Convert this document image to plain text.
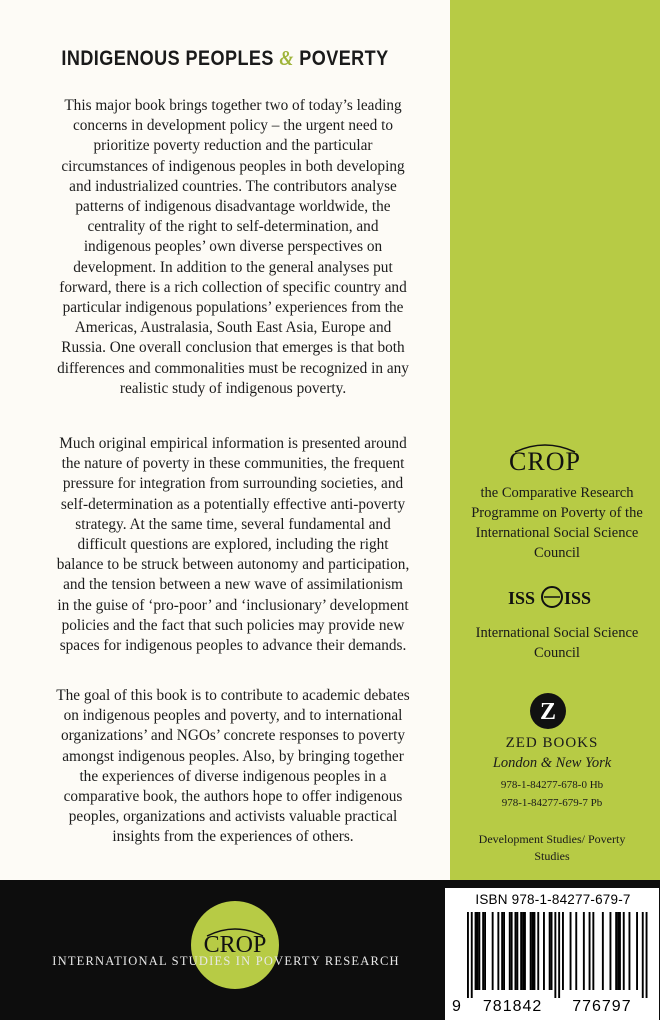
INDIGENOUS PEOPLES & POVERTY

This major book brings together two of today’s leading concerns in development policy – the urgent need to prioritize poverty reduction and the particular circumstances of indigenous peoples in both developing and industrialized countries. The contributors analyse patterns of indigenous disadvantage worldwide, the centrality of the right to self-determination, and indigenous peoples’ own diverse perspectives on development. In addition to the general analyses put forward, there is a rich collection of specific country and particular indigenous populations’ experiences from the Americas, Australasia, South East Asia, Europe and Russia. One overall conclusion that emerges is that both differences and commonalities must be recognized in any realistic study of indigenous poverty.

Much original empirical information is presented around the nature of poverty in these communities, the frequent pressure for integration from surrounding societies, and self-determination as a potentially effective anti-poverty strategy. At the same time, several fundamental and difficult questions are explored, including the right balance to be struck between autonomy and participation, and the tension between a new wave of assimilationism in the guise of ‘pro-poor’ and ‘inclusionary’ development policies and the fact that such policies may provide new spaces for indigenous peoples to advance their demands.

The goal of this book is to contribute to academic debates on indigenous peoples and poverty, and to international organizations’ and NGOs’ concrete responses to poverty amongst indigenous peoples. Also, by bringing together the experiences of diverse indigenous peoples in a comparative book, the authors hope to offer indigenous peoples, organizations and activists valuable practical insights from the experiences of others.

CROP
the Comparative Research Programme on Poverty of the International Social Science Council
ISS ISS
International Social Science Council
Z
ZED BOOKS
London & New York
978-1-84277-678-0 Hb
978-1-84277-679-7 Pb
Development Studies/ Poverty Studies
CROP
INTERNATIONAL STUDIES IN POVERTY RESEARCH
ISBN 978-1-84277-679-7
9 781842 776797
